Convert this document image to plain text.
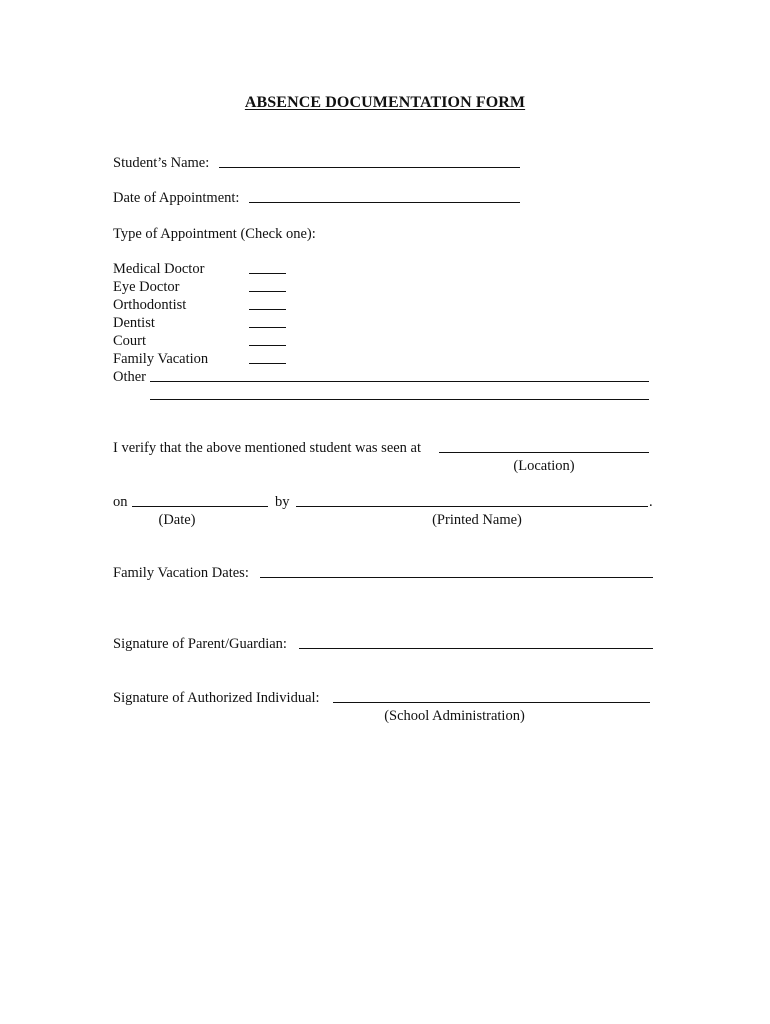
ABSENCE DOCUMENTATION FORM
Student’s Name:
Date of Appointment:
Type of Appointment (Check one):
Medical Doctor
Eye Doctor
Orthodontist
Dentist
Court
Family Vacation
Other
I verify that the above mentioned student was seen at
(Location)
on
(Date)
by	.
(Printed Name)
Family Vacation Dates:
Signature of Parent/Guardian:
Signature of Authorized Individual:
(School Administration)
